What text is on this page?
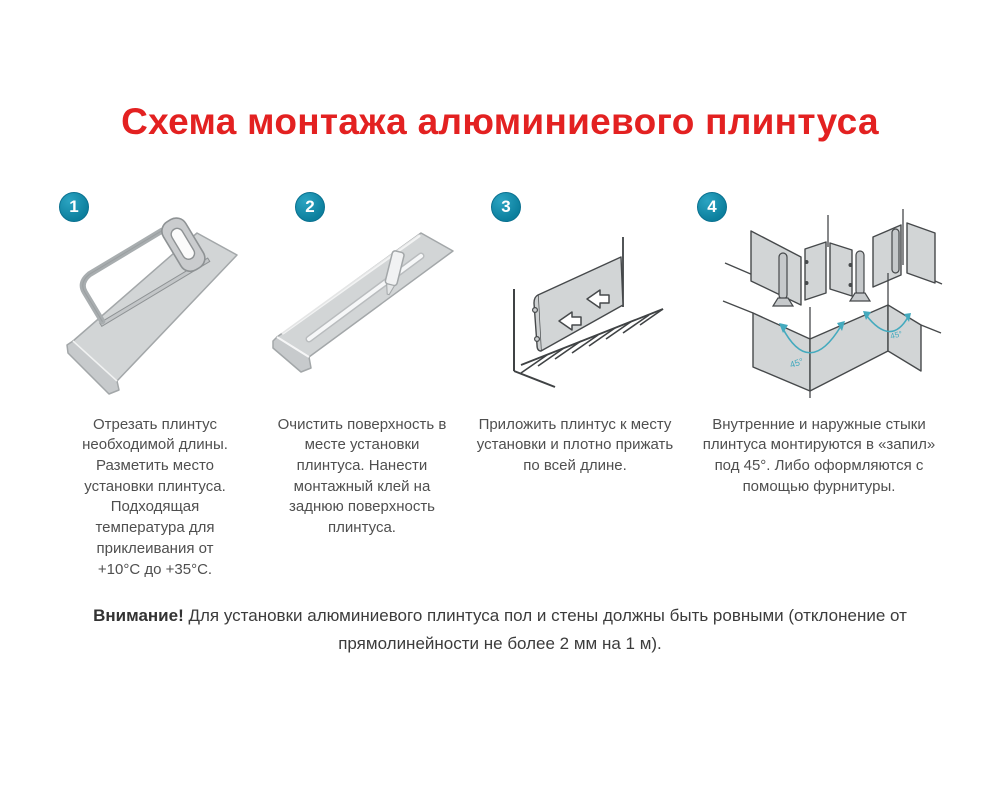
Схема монтажа алюминиевого плинтуса
1
Отрезать плинтус необходимой длины. Разметить место установки плинтуса. Подходящая температура для приклеивания от +10°С до +35°С.
2
Очистить поверхность в месте установки плинтуса. Нанести монтажный клей на заднюю поверхность плинтуса.
3
Приложить плинтус к месту установки и плотно прижать по всей длине.
45°
45°
4
Внутренние и наружные стыки плинтуса монтируются в «запил» под 45°. Либо оформляются с помощью фурнитуры.

Внимание! Для установки алюминиевого плинтуса пол и стены должны быть ровными (отклонение от прямолинейности не более 2 мм на 1 м).
